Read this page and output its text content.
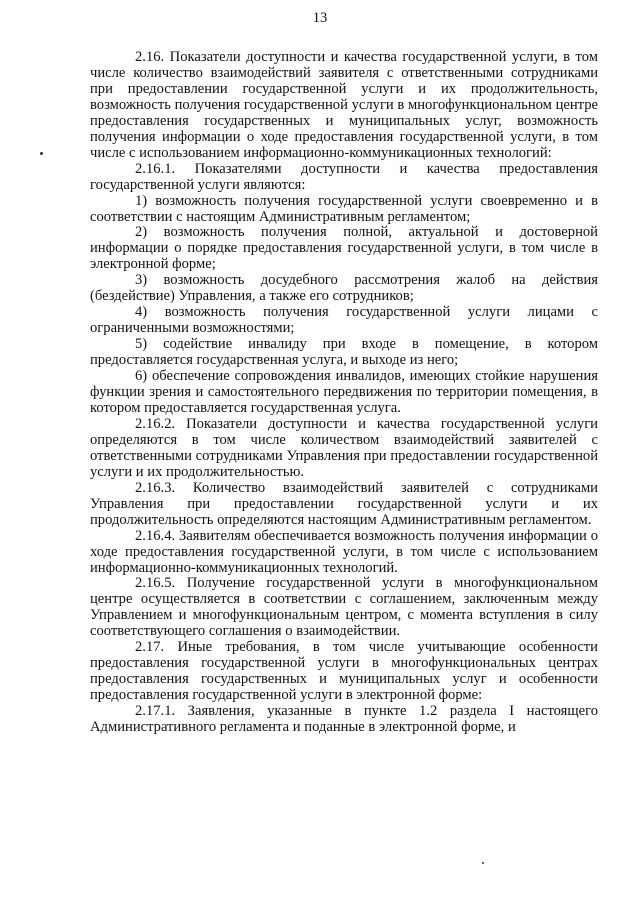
13

2.16. Показатели доступности и качества государственной услуги, в том числе количество взаимодействий заявителя с ответственными сотрудниками при предоставлении государственной услуги и их продолжительность, возможность получения государственной услуги в многофункциональном центре предоставления государственных и муниципальных услуг, возможность получения информации о ходе предоставления государственной услуги, в том числе с использованием информационно-коммуникационных технологий:

2.16.1. Показателями доступности и качества предоставления государственной услуги являются:

1) возможность получения государственной услуги своевременно и в соответствии с настоящим Административным регламентом;

2) возможность получения полной, актуальной и достоверной информации о порядке предоставления государственной услуги, в том числе в электронной форме;

3) возможность досудебного рассмотрения жалоб на действия (бездействие) Управления, а также его сотрудников;

4) возможность получения государственной услуги лицами с ограниченными возможностями;

5) содействие инвалиду при входе в помещение, в котором предоставляется государственная услуга, и выходе из него;

6) обеспечение сопровождения инвалидов, имеющих стойкие нарушения функции зрения и самостоятельного передвижения по территории помещения, в котором предоставляется государственная услуга.

2.16.2. Показатели доступности и качества государственной услуги определяются в том числе количеством взаимодействий заявителей с ответственными сотрудниками Управления при предоставлении государственной услуги и их продолжительностью.

2.16.3. Количество взаимодействий заявителей с сотрудниками Управления при предоставлении государственной услуги и их продолжительность определяются настоящим Административным регламентом.

2.16.4. Заявителям обеспечивается возможность получения информации о ходе предоставления государственной услуги, в том числе с использованием информационно-коммуникационных технологий.

2.16.5. Получение государственной услуги в многофункциональном центре осуществляется в соответствии с соглашением, заключенным между Управлением и многофункциональным центром, с момента вступления в силу соответствующего соглашения о взаимодействии.

2.17. Иные требования, в том числе учитывающие особенности предоставления государственной услуги в многофункциональных центрах предоставления государственных и муниципальных услуг и особенности предоставления государственной услуги в электронной форме:

2.17.1. Заявления, указанные в пункте 1.2 раздела I настоящего Административного регламента и поданные в электронной форме, и
